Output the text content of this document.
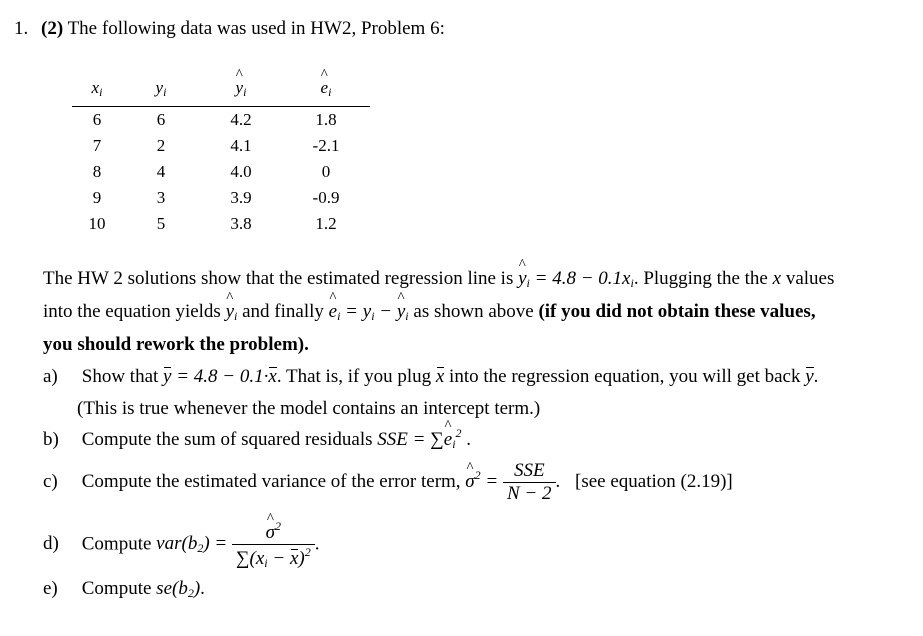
1. (2) The following data was used in HW2, Problem 6:
$x_i$	$y_i$	^ $y_i$	^ $e_i$
6	6	4.2	1.8
7	2	4.1	-2.1
8	4	4.0	0
9	3	3.9	-0.9
10	5	3.8	1.2
The HW 2 solutions show that the estimated regression line is ^ $y_i = 4.8 - 0.1x_i$. Plugging the the x values
into the equation yields ^ $y_i$ and finally ^ $e_i = y_i$ − ^ $y_i$ as shown above (if you did not obtain these values,
you should rework the problem).
a) Show that y = 4.8 − 0.1·x. That is, if you plug x into the regression equation, you will get back y.
(This is true whenever the model contains an intercept term.)
b) Compute the sum of squared residuals SSE = ∑^ $e_i^2$ .
c) Compute the estimated variance of the error term, ^ $\sigma^2 = \frac{\text{SSE}}{N - 2}$ . [see equation (2.19)]
d) Compute $var(b_2)$ = ^ $\frac{\sigma^2}{\sum(x_i - x)^2}$ .
e) Compute $se(b_2)$.
